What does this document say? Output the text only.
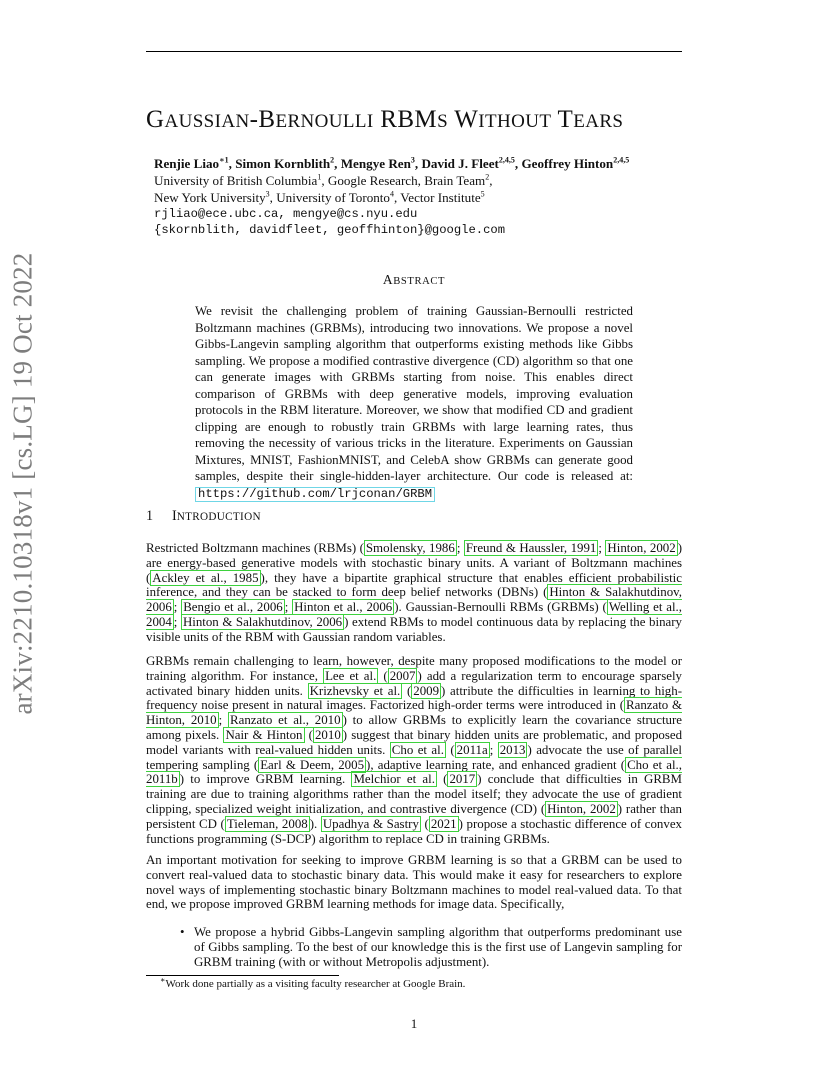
arXiv:2210.10318v1 [cs.LG] 19 Oct 2022
GAUSSIAN-BERNOULLI RBMS WITHOUT TEARS
Renjie Liao$^{∗1}$, Simon Kornblith$^2$, Mengye Ren$^3$, David J. Fleet$^{2,4,5}$, Geoffrey Hinton$^{2,4,5}$
University of British Columbia$^1$, Google Research, Brain Team$^2$,
New York University$^3$, University of Toronto$^4$, Vector Institute$^5$
rjliao@ece.ubc.ca, mengye@cs.nyu.edu
{skornblith, davidfleet, geoffhinton}@google.com
ABSTRACT
We revisit the challenging problem of training Gaussian-Bernoulli restricted Boltzmann machines (GRBMs), introducing two innovations. We propose a novel Gibbs-Langevin sampling algorithm that outperforms existing methods like Gibbs sampling. We propose a modified contrastive divergence (CD) algorithm so that one can generate images with GRBMs starting from noise. This enables direct comparison of GRBMs with deep generative models, improving evaluation protocols in the RBM literature. Moreover, we show that modified CD and gradient clipping are enough to robustly train GRBMs with large learning rates, thus removing the necessity of various tricks in the literature. Experiments on Gaussian Mixtures, MNIST, FashionMNIST, and CelebA show GRBMs can generate good samples, despite their single-hidden-layer architecture. Our code is released at: https://github.com/lrjconan/GRBM
1 INTRODUCTION

Restricted Boltzmann machines (RBMs) ( Smolensky, 1986 ; Freund & Haussler, 1991 ; Hinton, 2002 ) are energy-based generative models with stochastic binary units. A variant of Boltzmann machines ( Ackley et al., 1985 ), they have a bipartite graphical structure that enables efficient probabilistic inference, and they can be stacked to form deep belief networks (DBNs) ( Hinton & Salakhutdinov, 2006 ; Bengio et al., 2006 ; Hinton et al., 2006 ). Gaussian-Bernoulli RBMs (GRBMs) ( Welling et al., 2004 ; Hinton & Salakhutdinov, 2006 ) extend RBMs to model continuous data by replacing the binary visible units of the RBM with Gaussian random variables.

GRBMs remain challenging to learn, however, despite many proposed modifications to the model or training algorithm. For instance, Lee et al. ( 2007 ) add a regularization term to encourage sparsely activated binary hidden units. Krizhevsky et al. ( 2009 ) attribute the difficulties in learning to high-frequency noise present in natural images. Factorized high-order terms were introduced in ( Ranzato & Hinton, 2010 ; Ranzato et al., 2010 ) to allow GRBMs to explicitly learn the covariance structure among pixels. Nair & Hinton ( 2010 ) suggest that binary hidden units are problematic, and proposed model variants with real-valued hidden units. Cho et al. ( 2011a ; 2013 ) advocate the use of parallel tempering sampling ( Earl & Deem, 2005 ), adaptive learning rate, and enhanced gradient ( Cho et al., 2011b ) to improve GRBM learning. Melchior et al. ( 2017 ) conclude that difficulties in GRBM training are due to training algorithms rather than the model itself; they advocate the use of gradient clipping, specialized weight initialization, and contrastive divergence (CD) ( Hinton, 2002 ) rather than persistent CD ( Tieleman, 2008 ). Upadhya & Sastry ( 2021 ) propose a stochastic difference of convex functions programming (S-DCP) algorithm to replace CD in training GRBMs.

An important motivation for seeking to improve GRBM learning is so that a GRBM can be used to convert real-valued data to stochastic binary data. This would make it easy for researchers to explore novel ways of implementing stochastic binary Boltzmann machines to model real-valued data. To that end, we propose improved GRBM learning methods for image data. Specifically,

• We propose a hybrid Gibbs-Langevin sampling algorithm that outperforms predominant use of Gibbs sampling. To the best of our knowledge this is the first use of Langevin sampling for GRBM training (with or without Metropolis adjustment).
∗Work done partially as a visiting faculty researcher at Google Brain.
1
